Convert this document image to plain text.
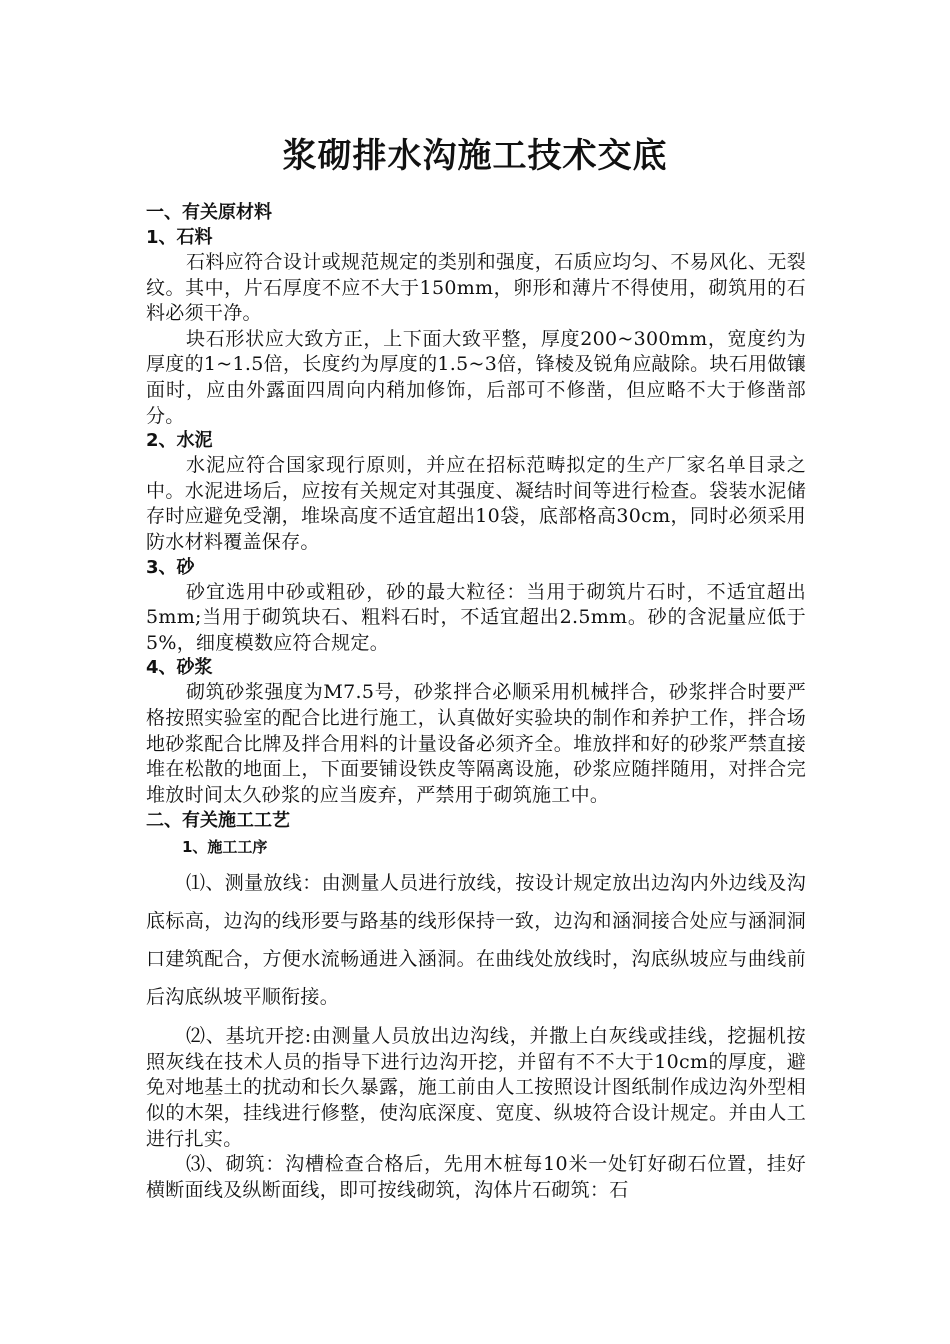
浆砌排水沟施工技术交底
一、有关原材料
1、石料

石料应符合设计或规范规定的类别和强度，石质应均匀、不易风化、无裂纹。其中，片石厚度不应不大于150mm，卵形和薄片不得使用，砌筑用的石料必须干净。

块石形状应大致方正，上下面大致平整，厚度200~300mm，宽度约为厚度的1~1.5倍，长度约为厚度的1.5~3倍，锋棱及锐角应敲除。块石用做镶面时，应由外露面四周向内稍加修饰，后部可不修凿，但应略不大于修凿部分。

2、水泥

水泥应符合国家现行原则，并应在招标范畴拟定的生产厂家名单目录之中。水泥进场后，应按有关规定对其强度、凝结时间等进行检查。袋装水泥储存时应避免受潮，堆垛高度不适宜超出10袋，底部格高30cm，同时必须采用防水材料覆盖保存。

3、砂

砂宜选用中砂或粗砂，砂的最大粒径：当用于砌筑片石时，不适宜超出5mm;当用于砌筑块石、粗料石时，不适宜超出2.5mm。砂的含泥量应低于5%，细度模数应符合规定。

4、砂浆

砌筑砂浆强度为M7.5号，砂浆拌合必顺采用机械拌合，砂浆拌合时要严格按照实验室的配合比进行施工，认真做好实验块的制作和养护工作，拌合场地砂浆配合比牌及拌合用料的计量设备必须齐全。堆放拌和好的砂浆严禁直接堆在松散的地面上，下面要铺设铁皮等隔离设施，砂浆应随拌随用，对拌合完堆放时间太久砂浆的应当废弃，严禁用于砌筑施工中。

二、有关施工工艺
1、施工工序

⑴、测量放线：由测量人员进行放线，按设计规定放出边沟内外边线及沟底标高，边沟的线形要与路基的线形保持一致，边沟和涵洞接合处应与涵洞洞口建筑配合，方便水流畅通进入涵洞。在曲线处放线时，沟底纵坡应与曲线前后沟底纵坡平顺衔接。

⑵、基坑开挖:由测量人员放出边沟线，并撒上白灰线或挂线，挖掘机按照灰线在技术人员的指导下进行边沟开挖，并留有不不大于10cm的厚度，避免对地基土的扰动和长久暴露，施工前由人工按照设计图纸制作成边沟外型相似的木架，挂线进行修整，使沟底深度、宽度、纵坡符合设计规定。并由人工进行扎实。

⑶、砌筑：沟槽检查合格后，先用木桩每10米一处钉好砌石位置，挂好横断面线及纵断面线，即可按线砌筑，沟体片石砌筑：石
